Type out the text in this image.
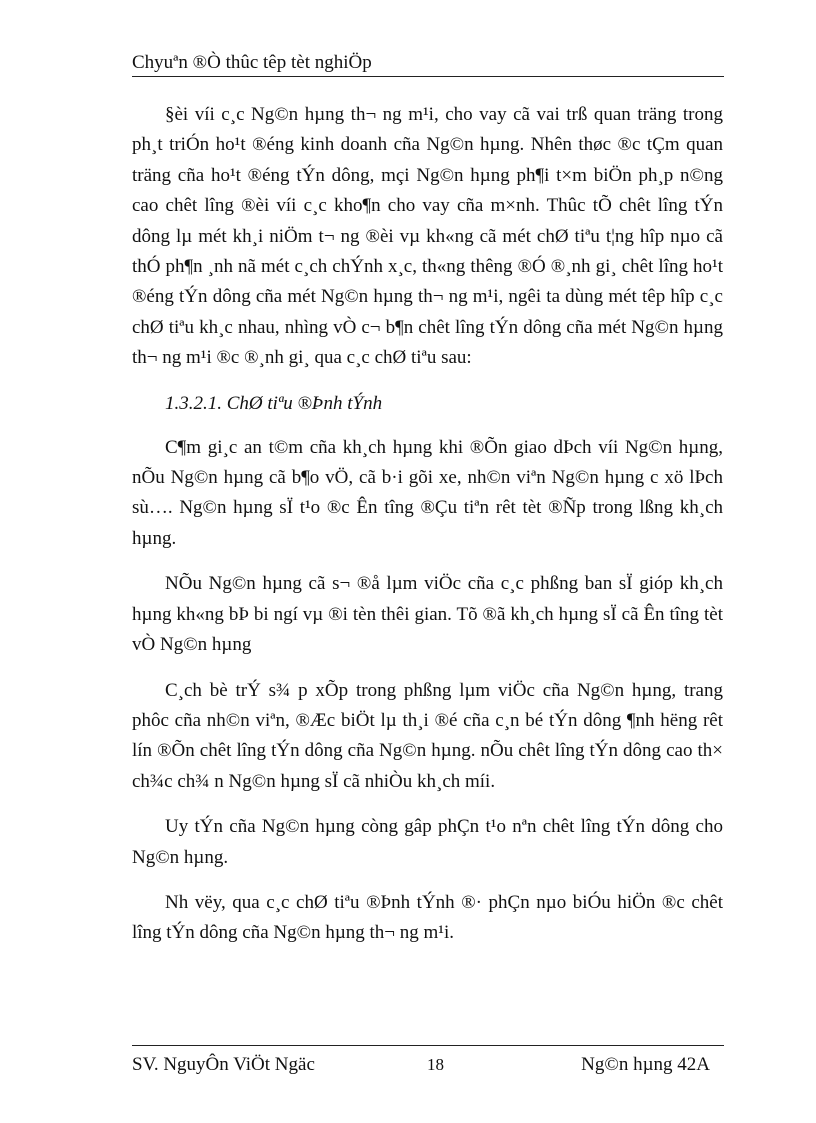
Chyuªn ®Ò thûc têp tèt nghiÖp

§èi víi c¸c Ng©n hµng th¬ ng m¹i, cho vay cã vai trß quan träng trong ph¸t triÓn ho¹t ®éng kinh doanh cña Ng©n hµng. Nhên thøc ®c tÇm quan träng cña ho¹t ®éng tÝn dông, mçi Ng©n hµng ph¶i t×m biÖn ph¸p n©ng cao chêt lîng ®èi víi c¸c kho¶n cho vay cña m×nh. Thûc tÕ chêt lîng tÝn dông lµ mét kh¸i niÖm t¬ ng ®èi vµ kh«ng cã mét chØ tiªu t¦ng hîp nµo cã thÓ ph¶n ¸nh nã mét c¸ch chÝnh x¸c, th«ng thêng ®Ó ®¸nh gi¸ chêt lîng ho¹t ®éng tÝn dông cña mét Ng©n hµng th¬ ng m¹i, ngêi ta dùng mét têp hîp c¸c chØ tiªu kh¸c nhau, nhìng vÒ c¬ b¶n chêt lîng tÝn dông cña mét Ng©n hµng th¬ ng m¹i ®c ®¸nh gi¸ qua c¸c chØ tiªu sau:

1.3.2.1. ChØ tiªu ®Þnh tÝnh

C¶m gi¸c an t©m cña kh¸ch hµng khi ®Õn giao dÞch víi Ng©n hµng, nÕu Ng©n hµng cã b¶o vÖ, cã b·i gõi xe, nh©n viªn Ng©n hµng c xö lÞch sù…. Ng©n hµng sÏ t¹o ®c Ên tîng ®Çu tiªn rêt tèt ®Ñp trong lßng kh¸ch hµng.

NÕu Ng©n hµng cã s¬ ®å lµm viÖc cña c¸c phßng ban sÏ gióp kh¸ch hµng kh«ng bÞ bi ngí vµ ®i tèn thêi gian. Tõ ®ã kh¸ch hµng sÏ cã Ên tîng tèt vÒ Ng©n hµng

C¸ch bè trÝ s¾ p xÕp trong phßng lµm viÖc cña Ng©n hµng, trang phôc cña nh©n viªn, ®Æc biÖt lµ th¸i ®é cña c¸n bé tÝn dông ¶nh hëng rêt lín ®Õn chêt lîng tÝn dông cña Ng©n hµng. nÕu chêt lîng tÝn dông cao th× ch¾c ch¾ n Ng©n hµng sÏ cã nhiÒu kh¸ch míi.

Uy tÝn cña Ng©n hµng còng gâp phÇn t¹o nªn chêt lîng tÝn dông cho Ng©n hµng.

Nh vëy, qua c¸c chØ tiªu ®Þnh tÝnh ®· phÇn nµo biÓu hiÖn ®c chêt lîng tÝn dông cña Ng©n hµng th¬ ng m¹i.

SV. NguyÔn ViÖt Ngäc	18	Ng©n hµng 42A
